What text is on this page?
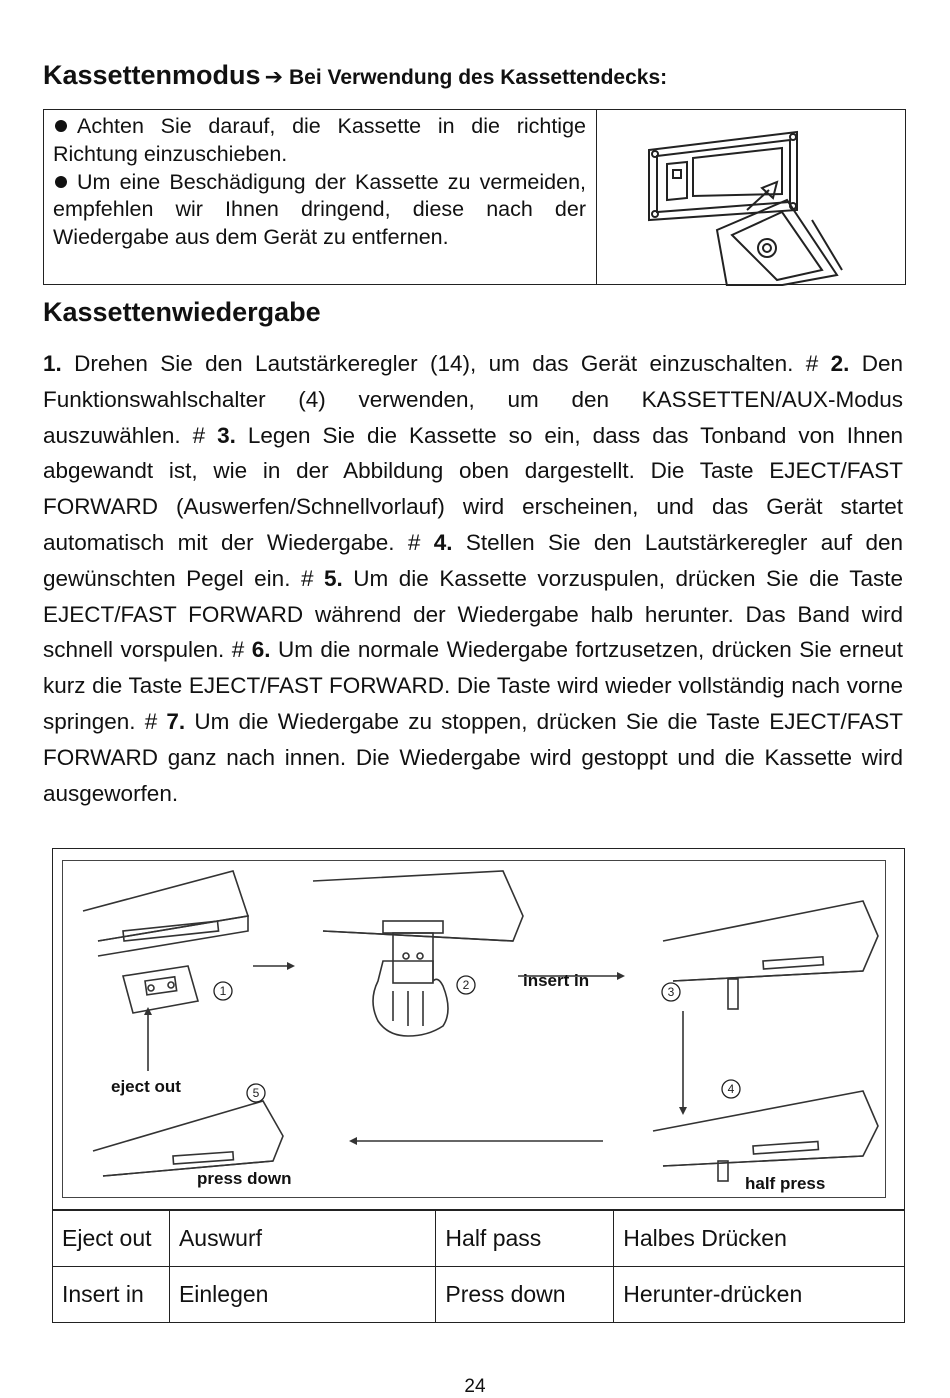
Kassettenmodus ➔ Bei Verwendung des Kassettendecks:

Achten Sie darauf, die Kassette in die richtige Richtung einzuschieben.

Um eine Beschädigung der Kassette zu vermeiden, empfehlen wir Ihnen dringend, diese nach der Wiedergabe aus dem Gerät zu entfernen.

Kassettenwiedergabe
1. Drehen Sie den Lautstärkeregler (14), um das Gerät einzuschalten. # 2. Den Funktionswahlschalter (4) verwenden, um den KASSETTEN/AUX-Modus auszuwählen. # 3. Legen Sie die Kassette so ein, dass das Tonband von Ihnen abgewandt ist, wie in der Abbildung oben dargestellt. Die Taste EJECT/FAST FORWARD (Auswerfen/Schnellvorlauf) wird erscheinen, und das Gerät startet automatisch mit der Wiedergabe. # 4. Stellen Sie den Lautstärkeregler auf den gewünschten Pegel ein. # 5. Um die Kassette vorzuspulen, drücken Sie die Taste EJECT/FAST FORWARD während der Wiedergabe halb herunter. Das Band wird schnell vorspulen. # 6. Um die normale Wiedergabe fortzusetzen, drücken Sie erneut kurz die Taste EJECT/FAST FORWARD. Die Taste wird wieder vollständig nach vorne springen. # 7. Um die Wiedergabe zu stoppen, drücken Sie die Taste EJECT/FAST FORWARD ganz nach innen. Die Wiedergabe wird gestoppt und die Kassette wird ausgeworfen.
1	2	3
4
5
insert in
eject out
press down	half press
Eject out	Auswurf	Half pass	Halbes Drücken
Insert in	Einlegen	Press down	Herunter-drücken
24
